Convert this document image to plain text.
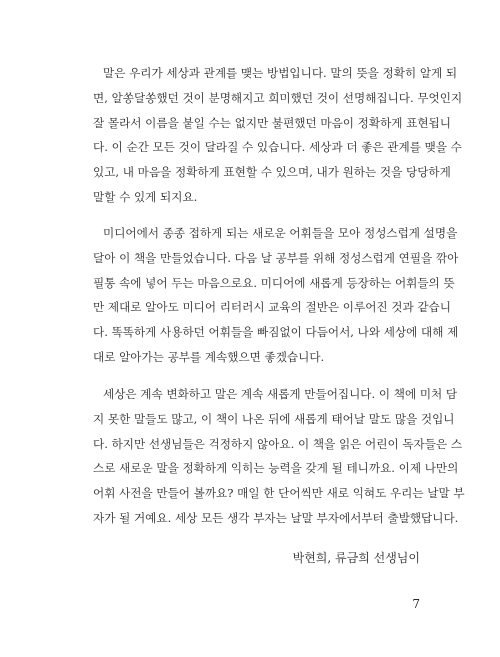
말은 우리가 세상과 관계를 맺는 방법입니다. 말의 뜻을 정확히 알게 되
면, 알쏭달쏭했던 것이 분명해지고 희미했던 것이 선명해집니다. 무엇인지
잘 몰라서 이름을 붙일 수는 없지만 불편했던 마음이 정확하게 표현됩니
다. 이 순간 모든 것이 달라질 수 있습니다. 세상과 더 좋은 관계를 맺을 수
있고, 내 마음을 정확하게 표현할 수 있으며, 내가 원하는 것을 당당하게
말할 수 있게 되지요.
미디어에서 종종 접하게 되는 새로운 어휘들을 모아 정성스럽게 설명을
달아 이 책을 만들었습니다. 다음 날 공부를 위해 정성스럽게 연필을 깎아
필통 속에 넣어 두는 마음으로요. 미디어에 새롭게 등장하는 어휘들의 뜻
만 제대로 알아도 미디어 리터러시 교육의 절반은 이루어진 것과 같습니
다. 똑똑하게 사용하던 어휘들을 빠짐없이 다듬어서, 나와 세상에 대해 제
대로 알아가는 공부를 계속했으면 좋겠습니다.
세상은 계속 변화하고 말은 계속 새롭게 만들어집니다. 이 책에 미처 담
지 못한 말들도 많고, 이 책이 나온 뒤에 새롭게 태어날 말도 많을 것입니
다. 하지만 선생님들은 걱정하지 않아요. 이 책을 읽은 어린이 독자들은 스
스로 새로운 말을 정확하게 익히는 능력을 갖게 될 테니까요. 이제 나만의
어휘 사전을 만들어 볼까요? 매일 한 단어씩만 새로 익혀도 우리는 날말 부
자가 될 거예요. 세상 모든 생각 부자는 날말 부자에서부터 출발했답니다.
박현희, 류금희 선생님이
7
